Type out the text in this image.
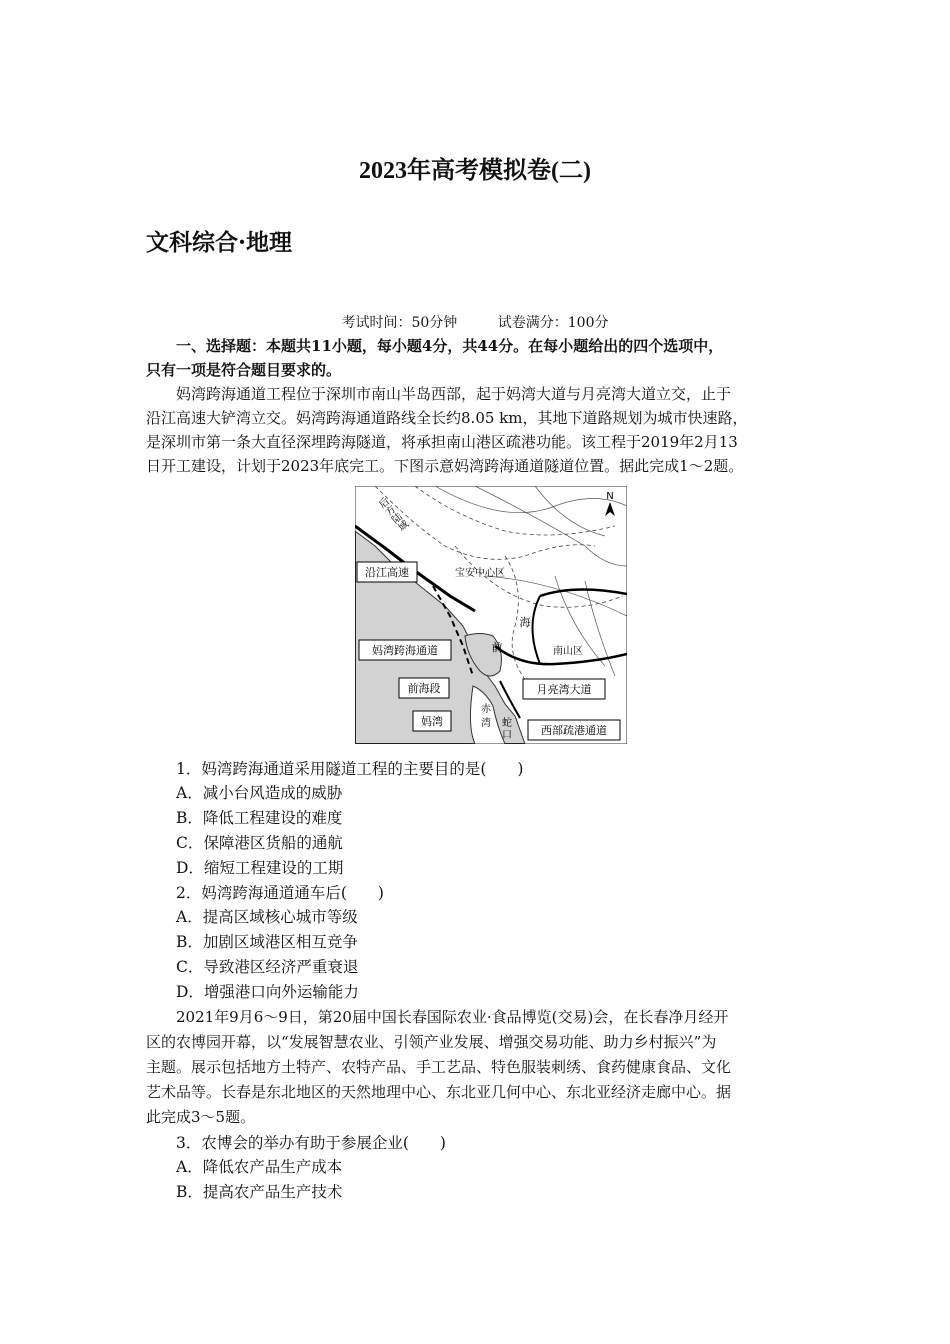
2023年高考模拟卷(二)
文科综合·地理
考试时间：50分钟	试卷满分：100分
一、选择题：本题共11小题，每小题4分，共44分。在每小题给出的四个选项中，
只有一项是符合题目要求的。
妈湾跨海通道工程位于深圳市南山半岛西部，起于妈湾大道与月亮湾大道立交，止于
沿江高速大铲湾立交。妈湾跨海通道路线全长约8.05 km，其地下道路规划为城市快速路，
是深圳市第一条大直径深埋跨海隧道，将承担南山港区疏港功能。该工程于2019年2月13
日开工建设，计划于2023年底完工。下图示意妈湾跨海通道隧道位置。据此完成1～2题。
N
后方陆域
沿江高速	宝安中心区
海
前	南山区
妈湾跨海通道
前海段	月亮湾大道
妈湾
赤
湾 蛇
口	西部疏港通道
1．妈湾跨海通道采用隧道工程的主要目的是(　　)
A．减小台风造成的威胁
B．降低工程建设的难度
C．保障港区货船的通航
D．缩短工程建设的工期
2．妈湾跨海通道通车后(　　)
A．提高区域核心城市等级
B．加剧区域港区相互竞争
C．导致港区经济严重衰退
D．增强港口向外运输能力
2021年9月6～9日，第20届中国长春国际农业·食品博览(交易)会，在长春净月经开
区的农博园开幕，以“发展智慧农业、引领产业发展、增强交易功能、助力乡村振兴”为
主题。展示包括地方土特产、农特产品、手工艺品、特色服装刺绣、食药健康食品、文化
艺术品等。长春是东北地区的天然地理中心、东北亚几何中心、东北亚经济走廊中心。据
此完成3～5题。
3．农博会的举办有助于参展企业(　　)
A．降低农产品生产成本
B．提高农产品生产技术
